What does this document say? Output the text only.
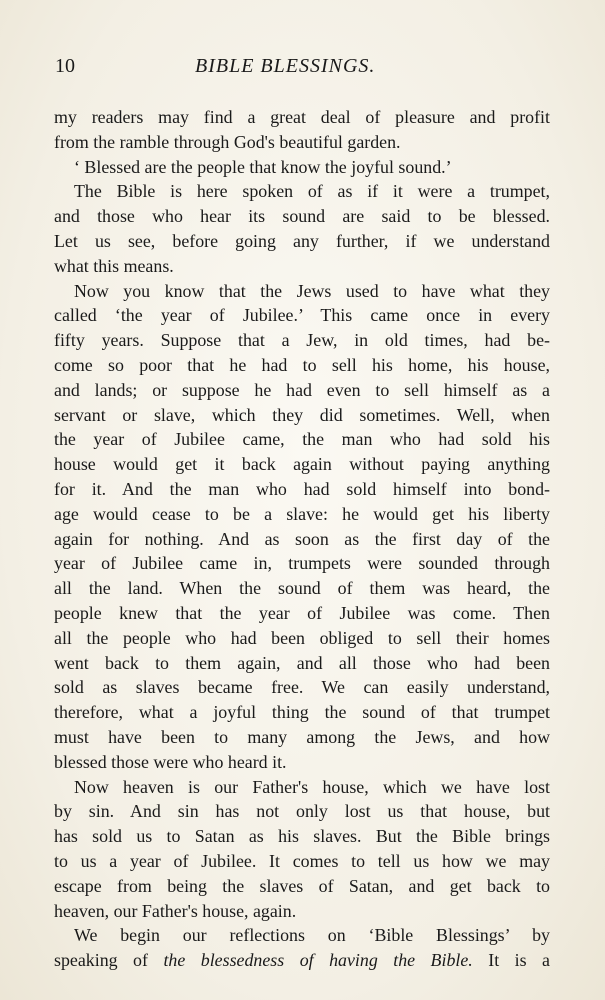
10	BIBLE BLESSINGS.
my readers may find a great deal of pleasure and profit
from the ramble through God's beautiful garden.
‘ Blessed are the people that know the joyful sound.’
The Bible is here spoken of as if it were a trumpet,
and those who hear its sound are said to be blessed.
Let us see, before going any further, if we understand
what this means.
Now you know that the Jews used to have what they
called ‘the year of Jubilee.’ This came once in every
fifty years. Suppose that a Jew, in old times, had be-
come so poor that he had to sell his home, his house,
and lands; or suppose he had even to sell himself as a
servant or slave, which they did sometimes. Well, when
the year of Jubilee came, the man who had sold his
house would get it back again without paying anything
for it. And the man who had sold himself into bond-
age would cease to be a slave: he would get his liberty
again for nothing. And as soon as the first day of the
year of Jubilee came in, trumpets were sounded through
all the land. When the sound of them was heard, the
people knew that the year of Jubilee was come. Then
all the people who had been obliged to sell their homes
went back to them again, and all those who had been
sold as slaves became free. We can easily understand,
therefore, what a joyful thing the sound of that trumpet
must have been to many among the Jews, and how
blessed those were who heard it.
Now heaven is our Father's house, which we have lost
by sin. And sin has not only lost us that house, but
has sold us to Satan as his slaves. But the Bible brings
to us a year of Jubilee. It comes to tell us how we may
escape from being the slaves of Satan, and get back to
heaven, our Father's house, again.
We begin our reflections on ‘Bible Blessings’ by
speaking of the blessedness of having the Bible. It is a
